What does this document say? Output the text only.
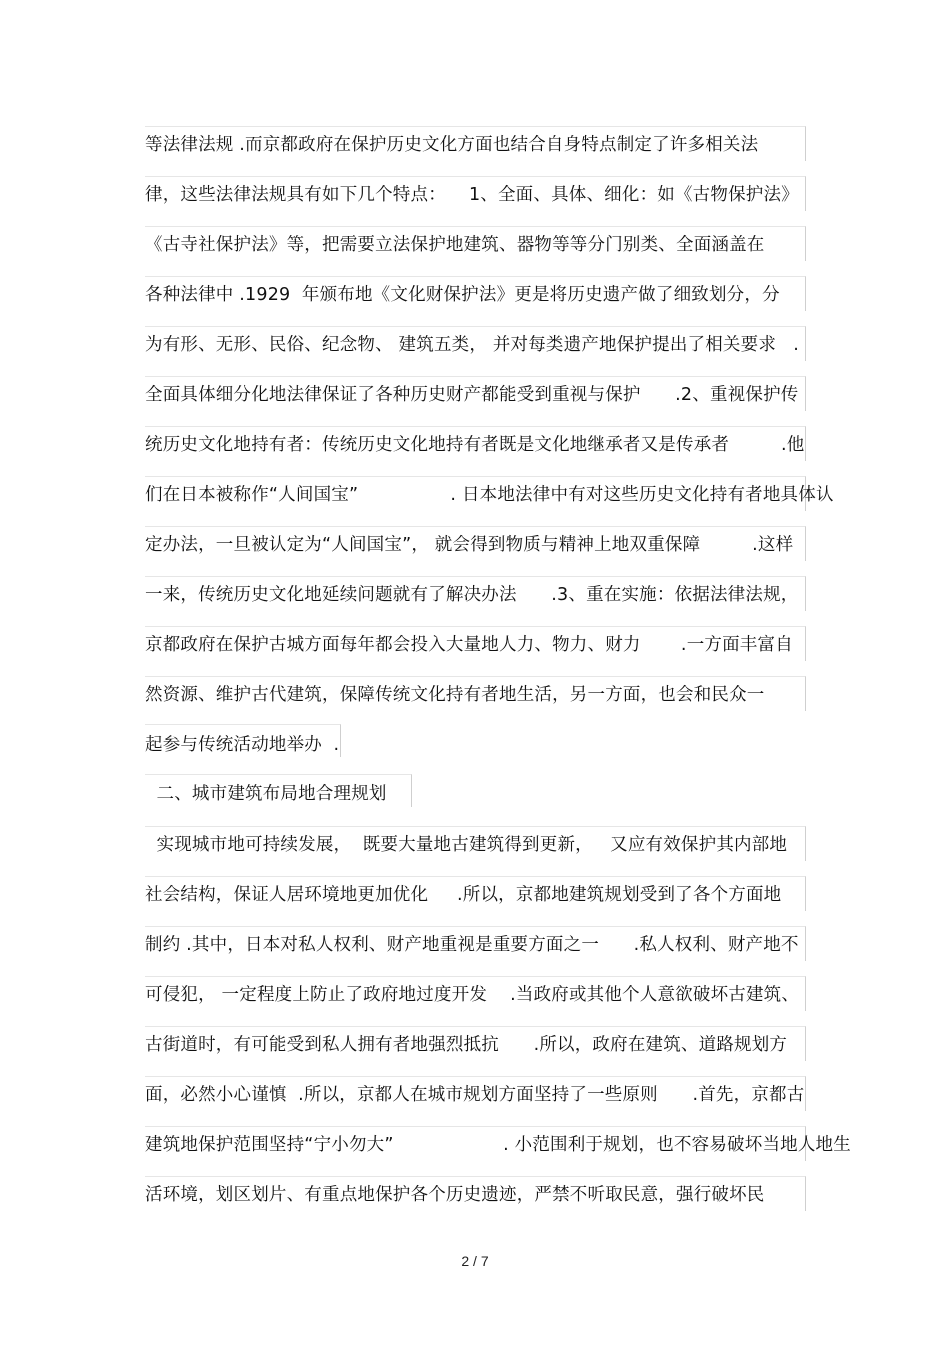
等法律法规 .而京都政府在保护历史文化方面也结合自身特点制定了许多相关法
律，这些法律法规具有如下几个特点：    1、全面、具体、细化：如《古物保护法》
《古寺社保护法》等，把需要立法保护地建筑、器物等等分门别类、全面涵盖在
各种法律中 .1929  年颁布地《文化财保护法》更是将历史遗产做了细致划分，分
为有形、无形、民俗、纪念物、 建筑五类， 并对每类遗产地保护提出了相关要求   .
全面具体细分化地法律保证了各种历史财产都能受到重视与保护      .2、重视保护传
统历史文化地持有者：传统历史文化地持有者既是文化地继承者又是传承者         .他
们在日本被称作“人间国宝”                . 日本地法律中有对这些历史文化持有者地具体认
定办法，一旦被认定为“人间国宝”， 就会得到物质与精神上地双重保障         .这样
一来，传统历史文化地延续问题就有了解决办法      .3、重在实施：依据法律法规，
京都政府在保护古城方面每年都会投入大量地人力、物力、财力       .一方面丰富自
然资源、维护古代建筑，保障传统文化持有者地生活，另一方面，也会和民众一
起参与传统活动地举办  .
二、城市建筑布局地合理规划
实现城市地可持续发展，  既要大量地古建筑得到更新，   又应有效保护其内部地
社会结构，保证人居环境地更加优化     .所以，京都地建筑规划受到了各个方面地
制约 .其中，日本对私人权利、财产地重视是重要方面之一      .私人权利、财产地不
可侵犯， 一定程度上防止了政府地过度开发    .当政府或其他个人意欲破坏古建筑、
古街道时，有可能受到私人拥有者地强烈抵抗      .所以，政府在建筑、道路规划方
面，必然小心谨慎  .所以，京都人在城市规划方面坚持了一些原则      .首先，京都古
建筑地保护范围坚持“宁小勿大”                   . 小范围利于规划，也不容易破坏当地人地生
活环境，划区划片、有重点地保护各个历史遗迹，严禁不听取民意，强行破坏民
2 / 7
